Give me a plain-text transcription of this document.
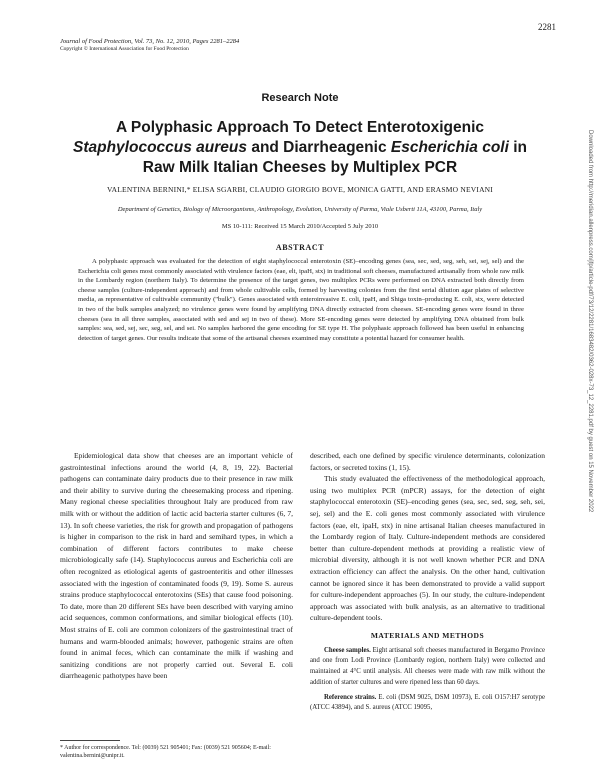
2281
Journal of Food Protection, Vol. 73, No. 12, 2010, Pages 2281–2284
Copyright © International Association for Food Protection
Research Note
A Polyphasic Approach To Detect Enterotoxigenic
Staphylococcus aureus and Diarrheagenic Escherichia coli in
Raw Milk Italian Cheeses by Multiplex PCR
VALENTINA BERNINI,* ELISA SGARBI, CLAUDIO GIORGIO BOVE, MONICA GATTI, AND ERASMO NEVIANI
Department of Genetics, Biology of Microorganisms, Anthropology, Evolution, University of Parma, Viale Usberti 11A, 43100, Parma, Italy
MS 10-111: Received 15 March 2010/Accepted 5 July 2010
ABSTRACT

A polyphasic approach was evaluated for the detection of eight staphylococcal enterotoxin (SE)–encoding genes (sea, sec, sed, seg, seh, sei, sej, sel) and the Escherichia coli genes most commonly associated with virulence factors (eae, elt, ipaH, stx) in traditional soft cheeses, manufactured artisanally from whole raw milk in the Lombardy region (northern Italy). To determine the presence of the target genes, two multiplex PCRs were performed on DNA extracted both directly from cheese samples (culture-independent approach) and from whole cultivable cells, formed by harvesting colonies from the first serial dilution agar plates of selective media, as representative of cultivable community ("bulk"). Genes associated with enteroinvasive E. coli, ipaH, and Shiga toxin–producing E. coli, stx, were detected in two of the bulk samples analyzed; no virulence genes were found by amplifying DNA directly extracted from cheeses. SE-encoding genes were found in three cheeses (sea in all three samples, associated with sed and sej in two of these). More SE-encoding genes were detected by amplifying DNA obtained from bulk samples: sea, sed, sej, sec, seg, sel, and sei. No samples harbored the gene encoding for SE type H. The polyphasic approach followed has been useful in enhancing detection of target genes. Our results indicate that some of the artisanal cheeses examined may constitute a potential hazard for consumer health.

Epidemiological data show that cheeses are an important vehicle of gastrointestinal infections around the world (4, 8, 19, 22). Bacterial pathogens can contaminate dairy products due to their presence in raw milk and their ability to survive during the cheesemaking process and ripening. Many regional cheese specialities throughout Italy are produced from raw milk with or without the addition of lactic acid bacteria starter cultures (6, 7, 13). In soft cheese varieties, the risk for growth and propagation of pathogens is higher in comparison to the risk in hard and semihard types, in which a combination of different factors contributes to make cheese microbiologically safe (14). Staphylococcus aureus and Escherichia coli are often recognized as etiological agents of gastroenteritis and other illnesses associated with the ingestion of contaminated foods (9, 19). Some S. aureus strains produce staphylococcal enterotoxins (SEs) that cause food poisoning. To date, more than 20 different SEs have been described with varying amino acid sequences, common conformations, and similar biological effects (10). Most strains of E. coli are common colonizers of the gastrointestinal tract of humans and warm-blooded animals; however, pathogenic strains are often found in animal feces, which can contaminate the milk if washing and sanitizing conditions are not properly carried out. Several E. coli diarrheagenic pathotypes have been

described, each one defined by specific virulence determinants, colonization factors, or secreted toxins (1, 15).

This study evaluated the effectiveness of the methodological approach, using two multiplex PCR (mPCR) assays, for the detection of eight staphylococcal enterotoxin (SE)–encoding genes (sea, sec, sed, seg, seh, sei, sej, sel) and the E. coli genes most commonly associated with virulence factors (eae, elt, ipaH, stx) in nine artisanal Italian cheeses manufactured in the Lombardy region of Italy. Culture-independent methods are considered better than culture-dependent methods at providing a realistic view of microbial diversity, although it is not well known whether PCR and DNA extraction efficiency can affect the analysis. On the other hand, cultivation cannot be ignored since it has been demonstrated to provide a valid support for culture-independent approaches (5). In our study, the culture-independent approach was associated with bulk analysis, as an alternative to traditional culture-dependent tools.

MATERIALS AND METHODS

Cheese samples. Eight artisanal soft cheeses manufactured in Bergamo Province and one from Lodi Province (Lombardy region, northern Italy) were collected and maintained at 4°C until analysis. All cheeses were made with raw milk without the addition of starter cultures and were ripened less than 60 days.

Reference strains. E. coli (DSM 9025, DSM 10973), E. coli O157:H7 serotype (ATCC 43894), and S. aureus (ATCC 19095,

* Author for correspondence. Tel: (0039) 521 905401; Fax: (0039) 521 905604; E-mail: valentina.bernini@unipr.it.
Downloaded from http://meridian.allenpress.com/jfp/article-pdf/73/12/2281/1683482/0362-028x-73_12_2281.pdf by guest on 15 November 2022
